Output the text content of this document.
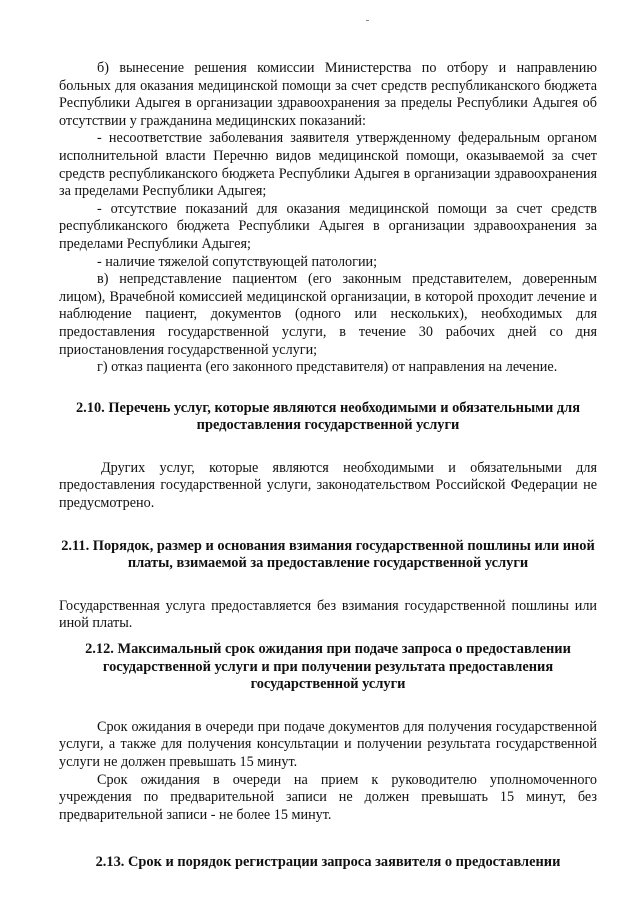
б) вынесение решения комиссии Министерства по отбору и направлению больных для оказания медицинской помощи за счет средств республиканского бюджета Республики Адыгея в организации здравоохранения за пределы Республики Адыгея об отсутствии у гражданина медицинских показаний:

- несоответствие заболевания заявителя утвержденному федеральным органом исполнительной власти Перечню видов медицинской помощи, оказываемой за счет средств республиканского бюджета Республики Адыгея в организации здравоохранения за пределами Республики Адыгея;

- отсутствие показаний для оказания медицинской помощи за счет средств республиканского бюджета Республики Адыгея в организации здравоохранения за пределами Республики Адыгея;

- наличие тяжелой сопутствующей патологии;

в) непредставление пациентом (его законным представителем, доверенным лицом), Врачебной комиссией медицинской организации, в которой проходит лечение и наблюдение пациент, документов (одного или нескольких), необходимых для предоставления государственной услуги, в течение 30 рабочих дней со дня приостановления государственной услуги;

г) отказ пациента (его законного представителя) от направления на лечение.

2.10. Перечень услуг, которые являются необходимыми и обязательными для предоставления государственной услуги

Других услуг, которые являются необходимыми и обязательными для предоставления государственной услуги, законодательством Российской Федерации не предусмотрено.

2.11. Порядок, размер и основания взимания государственной пошлины или иной платы, взимаемой за предоставление государственной услуги

Государственная услуга предоставляется без взимания государственной пошлины или иной платы.

2.12. Максимальный срок ожидания при подаче запроса о предоставлении государственной услуги и при получении результата предоставления государственной услуги

Срок ожидания в очереди при подаче документов для получения государственной услуги, а также для получения консультации и получении результата государственной услуги не должен превышать 15 минут.

Срок ожидания в очереди на прием к руководителю уполномоченного учреждения по предварительной записи не должен превышать 15 минут, без предварительной записи - не более 15 минут.

2.13. Срок и порядок регистрации запроса заявителя о предоставлении
